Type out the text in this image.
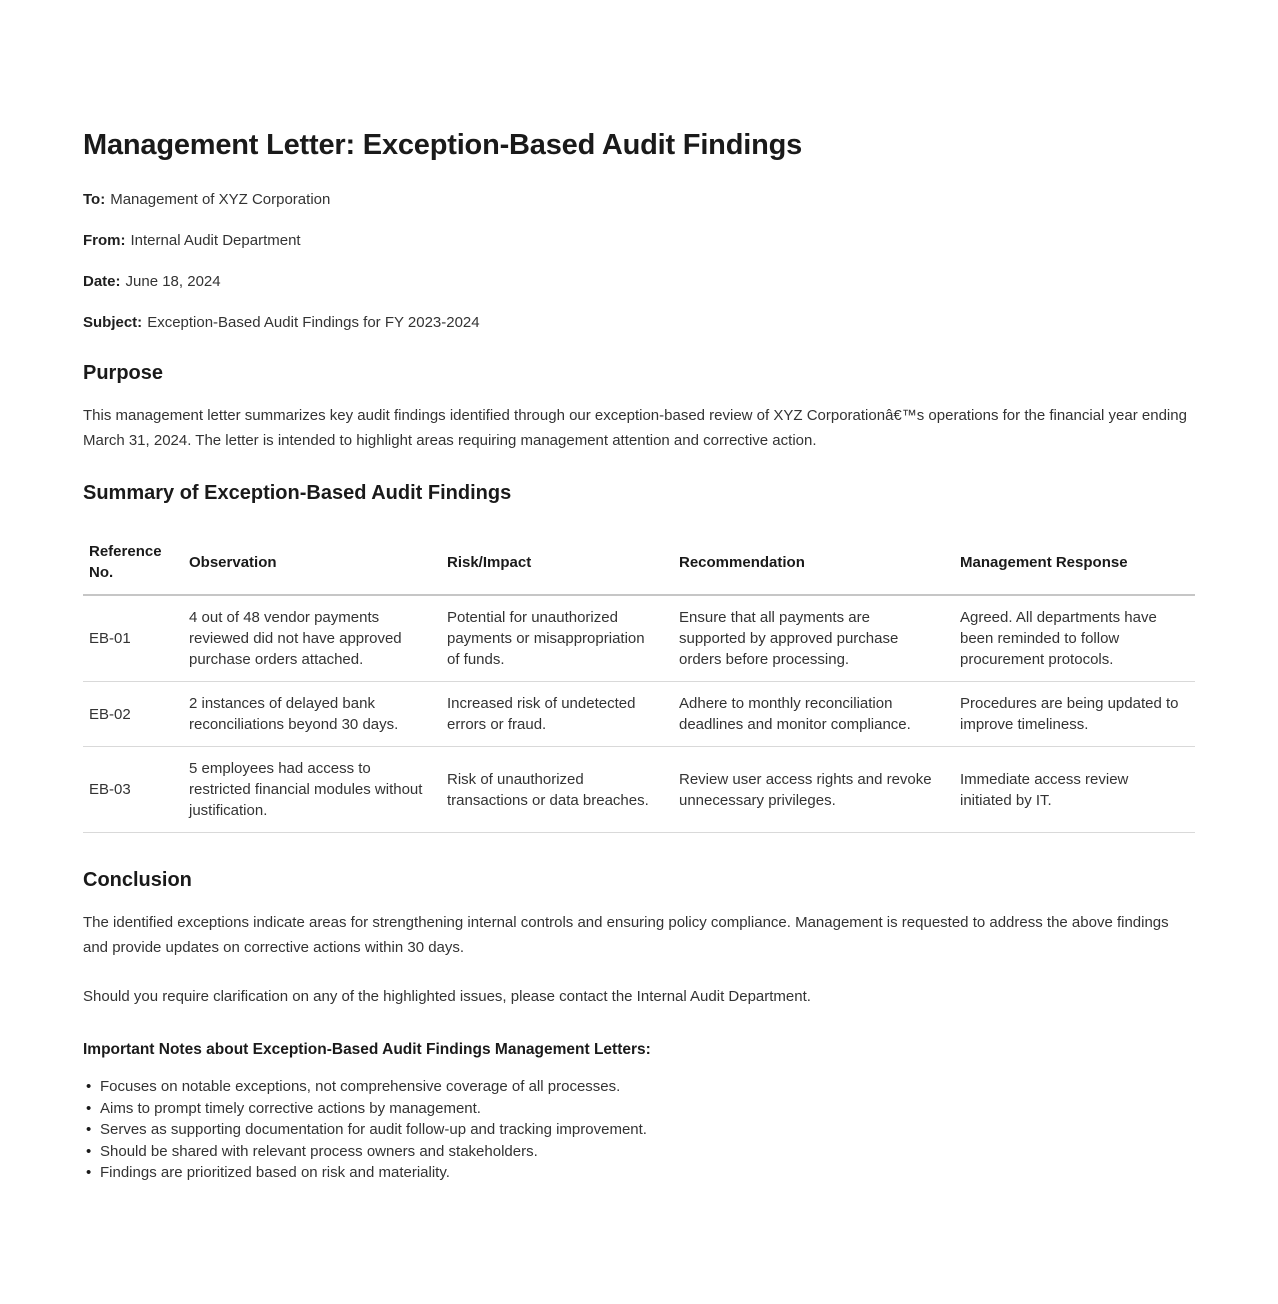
Management Letter: Exception-Based Audit Findings

To: Management of XYZ Corporation

From: Internal Audit Department

Date: June 18, 2024

Subject: Exception-Based Audit Findings for FY 2023-2024

Purpose

This management letter summarizes key audit findings identified through our exception-based review of XYZ Corporationâ€™s operations for the financial year ending March 31, 2024. The letter is intended to highlight areas requiring management attention and corrective action.

Summary of Exception-Based Audit Findings
Reference No.	Observation	Risk/Impact	Recommendation	Management Response
EB-01	4 out of 48 vendor payments reviewed did not have approved purchase orders attached.	Potential for unauthorized payments or misappropriation of funds.	Ensure that all payments are supported by approved purchase orders before processing.	Agreed. All departments have been reminded to follow procurement protocols.
EB-02	2 instances of delayed bank reconciliations beyond 30 days.	Increased risk of undetected errors or fraud.	Adhere to monthly reconciliation deadlines and monitor compliance.	Procedures are being updated to improve timeliness.
EB-03	5 employees had access to restricted financial modules without justification.	Risk of unauthorized transactions or data breaches.	Review user access rights and revoke unnecessary privileges.	Immediate access review initiated by IT.
Conclusion

The identified exceptions indicate areas for strengthening internal controls and ensuring policy compliance. Management is requested to address the above findings and provide updates on corrective actions within 30 days.

Should you require clarification on any of the highlighted issues, please contact the Internal Audit Department.

Important Notes about Exception-Based Audit Findings Management Letters:

• Focuses on notable exceptions, not comprehensive coverage of all processes.
• Aims to prompt timely corrective actions by management.
• Serves as supporting documentation for audit follow-up and tracking improvement.
• Should be shared with relevant process owners and stakeholders.
• Findings are prioritized based on risk and materiality.
